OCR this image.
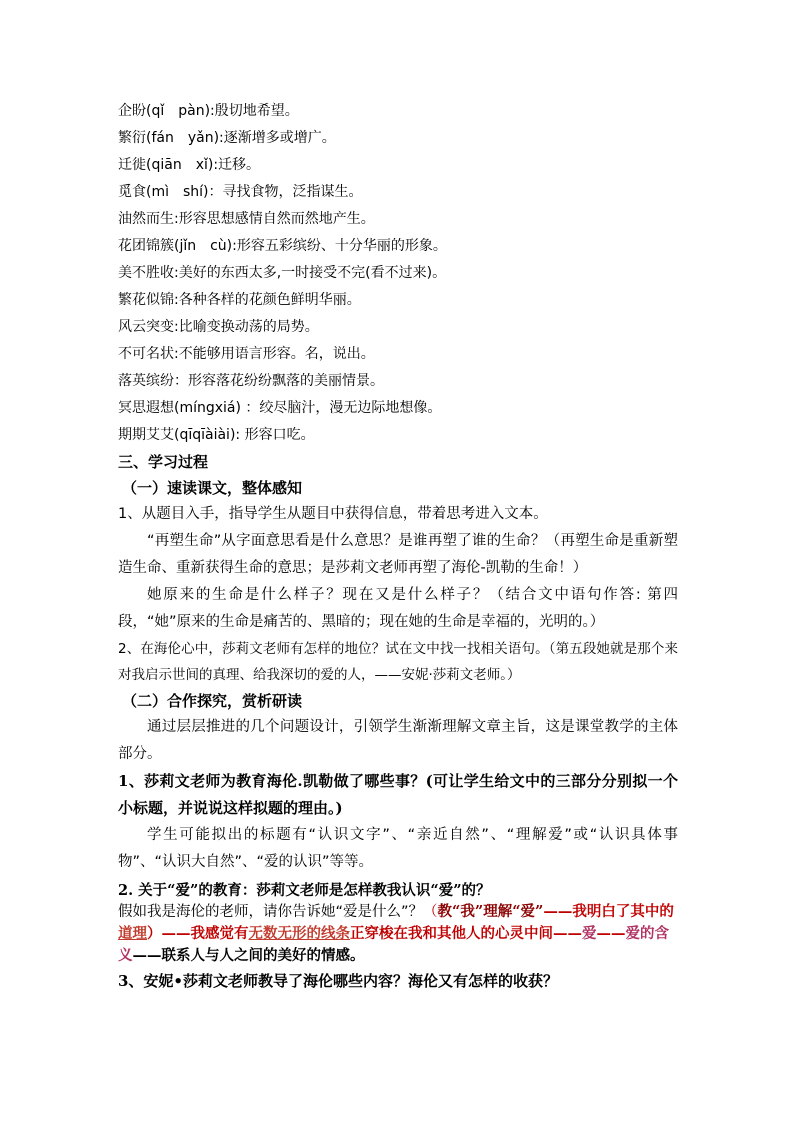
企盼(qǐ　pàn):殷切地希望。
繁衍(fán　yǎn):逐渐增多或增广。
迁徙(qiān　xǐ):迁移。
觅食(mì　shí)：寻找食物，泛指谋生。
油然而生:形容思想感情自然而然地产生。
花团锦簇(jǐn　cù):形容五彩缤纷、十分华丽的形象。
美不胜收:美好的东西太多,一时接受不完(看不过来)。
繁花似锦:各种各样的花颜色鲜明华丽。
风云突变:比喻变换动荡的局势。
不可名状:不能够用语言形容。名，说出。
落英缤纷：形容落花纷纷飘落的美丽情景。
冥思遐想(míngxiá) ：绞尽脑汁，漫无边际地想像。
期期艾艾(qīqīàiài): 形容口吃。
三、学习过程
（一）速读课文，整体感知
1、从题目入手，指导学生从题目中获得信息，带着思考进入文本。
“再塑生命”从字面意思看是什么意思？是谁再塑了谁的生命？（再塑生命是重新塑造生命、重新获得生命的意思；是莎莉文老师再塑了海伦-凯勒的生命！）
她原来的生命是什么样子？现在又是什么样子？（结合文中语句作答: 第四段，“她”原来的生命是痛苦的、黑暗的；现在她的生命是幸福的，光明的。）
2、在海伦心中，莎莉文老师有怎样的地位？试在文中找一找相关语句。（第五段她就是那个来对我启示世间的真理、给我深切的爱的人，——安妮·莎莉文老师。）
（二）合作探究，赏析研读
通过层层推进的几个问题设计，引领学生渐渐理解文章主旨，这是课堂教学的主体部分。
1、莎莉文老师为教育海伦.凯勒做了哪些事？(可让学生给文中的三部分分别拟一个小标题，并说说这样拟题的理由。)
学生可能拟出的标题有“认识文字”、“亲近自然”、“理解爱”或“认识具体事物”、“认识大自然”、“爱的认识”等等。
2. 关于“爱”的教育：莎莉文老师是怎样教我认识“爱”的？
假如我是海伦的老师，请你告诉她“爱是什么”？（教“我”理解“爱”——我明白了其中的道理）——我感觉有无数无形的线条正穿梭在我和其他人的心灵中间——爱——爱的含义——联系人与人之间的美好的情感。
3、安妮•莎莉文老师教导了海伦哪些内容？海伦又有怎样的收获？
